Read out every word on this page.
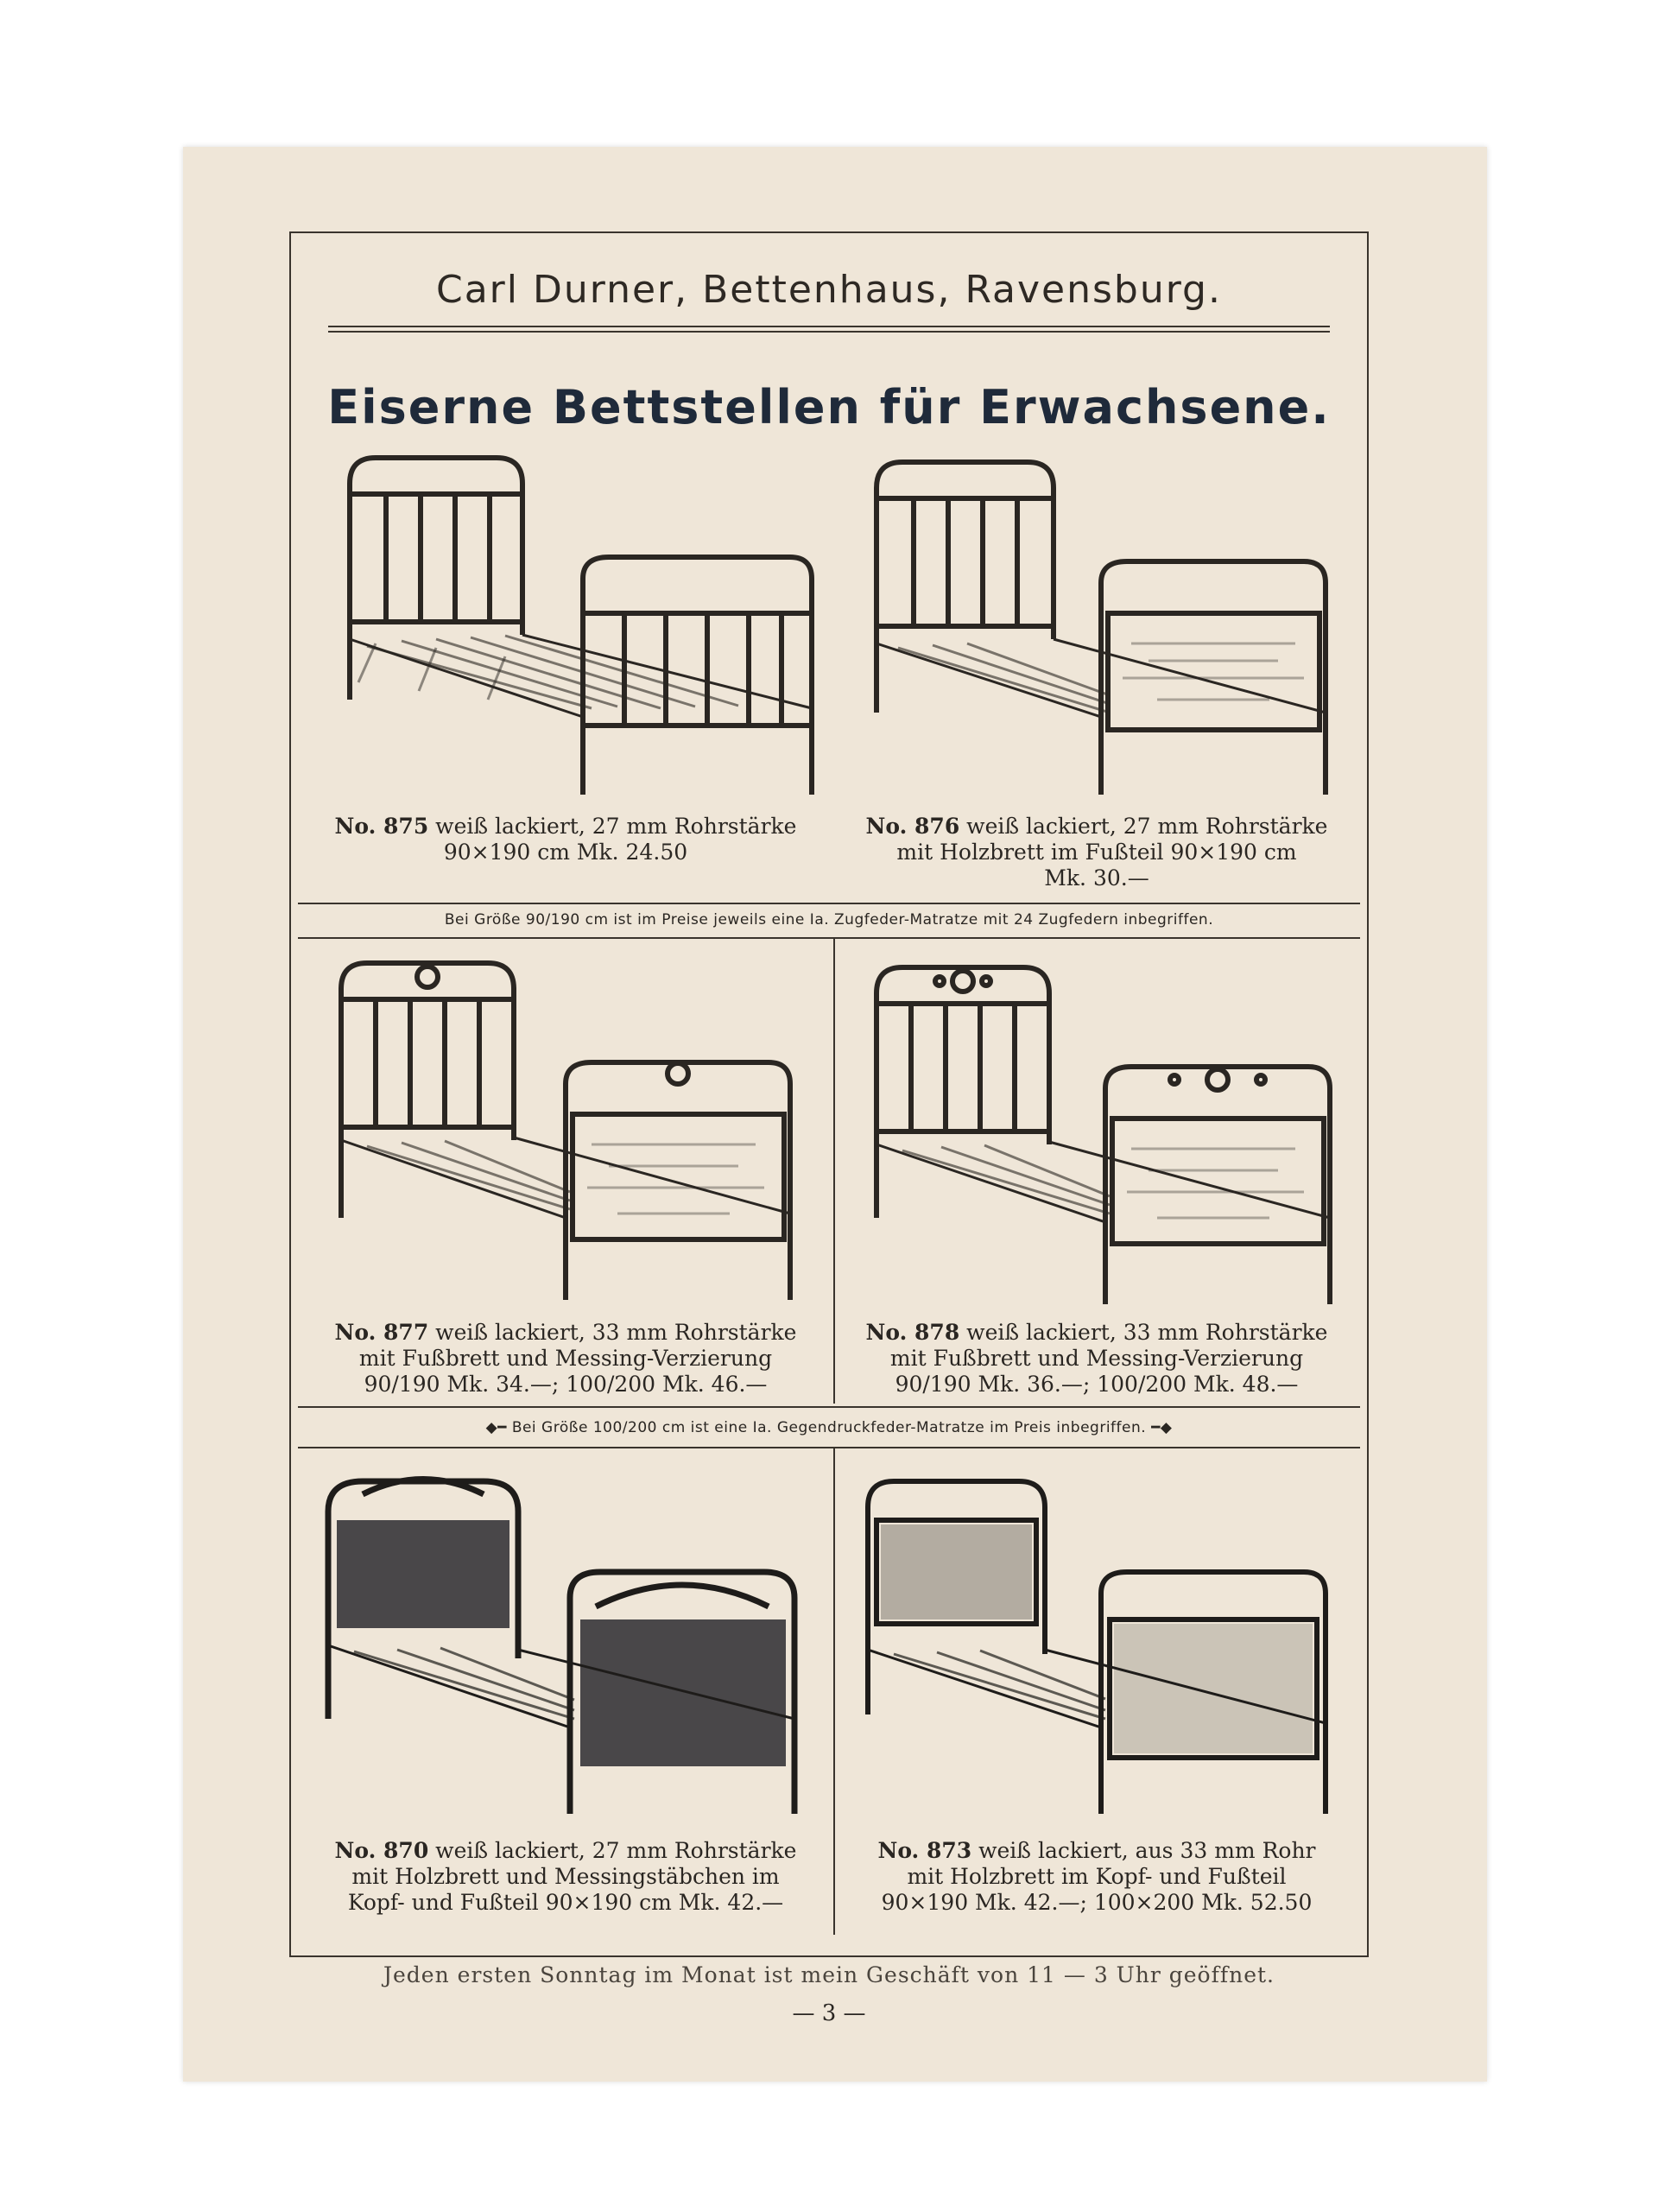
Carl Durner, Bettenhaus, Ravensburg.
Eiserne Bettstellen für Erwachsene.
No. 875 weiß lackiert, 27 mm Rohrstärke
90×190 cm Mk. 24.50
No. 876 weiß lackiert, 27 mm Rohrstärke
mit Holzbrett im Fußteil 90×190 cm
Mk. 30.—
Bei Größe 90/190 cm ist im Preise jeweils eine Ia. Zugfeder-Matratze mit 24 Zugfedern inbegriffen.
No. 877 weiß lackiert, 33 mm Rohrstärke
mit Fußbrett und Messing-Verzierung
90/190 Mk. 34.—; 100/200 Mk. 46.—
No. 878 weiß lackiert, 33 mm Rohrstärke
mit Fußbrett und Messing-Verzierung
90/190 Mk. 36.—; 100/200 Mk. 48.—
◆━ Bei Größe 100/200 cm ist eine Ia. Gegendruckfeder-Matratze im Preis inbegriffen. ━◆
No. 870 weiß lackiert, 27 mm Rohrstärke
mit Holzbrett und Messingstäbchen im
Kopf- und Fußteil 90×190 cm Mk. 42.—
No. 873 weiß lackiert, aus 33 mm Rohr
mit Holzbrett im Kopf- und Fußteil
90×190 Mk. 42.—; 100×200 Mk. 52.50
Jeden ersten Sonntag im Monat ist mein Geschäft von 11 — 3 Uhr geöffnet.
— 3 —
